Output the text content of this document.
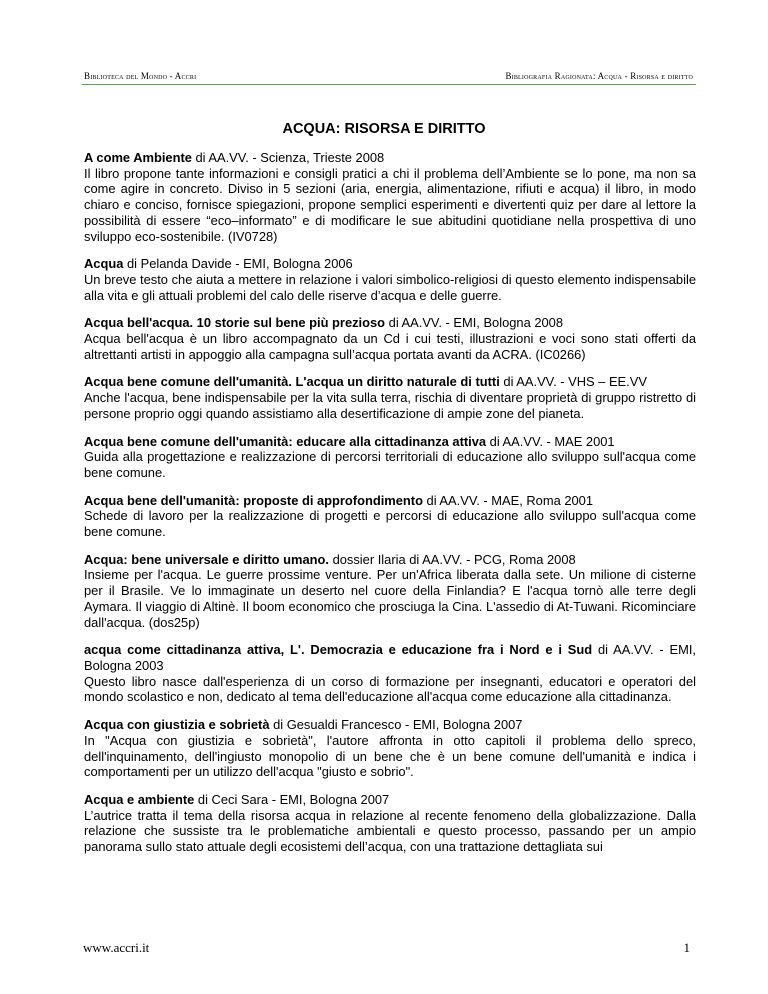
Biblioteca del Mondo - Accri	Bibliografia Ragionata: Acqua - Risorsa e diritto
ACQUA: RISORSA E DIRITTO
A come Ambiente di AA.VV. - Scienza, Trieste 2008
Il libro propone tante informazioni e consigli pratici a chi il problema dell’Ambiente se lo pone, ma non sa come agire in concreto. Diviso in 5 sezioni (aria, energia, alimentazione, rifiuti e acqua) il libro, in modo chiaro e conciso, fornisce spiegazioni, propone semplici esperimenti e divertenti quiz per dare al lettore la possibilità di essere “eco–informato” e di modificare le sue abitudini quotidiane nella prospettiva di uno sviluppo eco-sostenibile. (IV0728)
Acqua di Pelanda Davide - EMI, Bologna 2006
Un breve testo che aiuta a mettere in relazione i valori simbolico-religiosi di questo elemento indispensabile alla vita e gli attuali problemi del calo delle riserve d’acqua e delle guerre.
Acqua bell'acqua. 10 storie sul bene più prezioso di AA.VV. - EMI, Bologna 2008
Acqua bell'acqua è un libro accompagnato da un Cd i cui testi, illustrazioni e voci sono stati offerti da altrettanti artisti in appoggio alla campagna sull’acqua portata avanti da ACRA. (IC0266)
Acqua bene comune dell'umanità. L'acqua un diritto naturale di tutti di AA.VV. - VHS – EE.VV
Anche l'acqua, bene indispensabile per la vita sulla terra, rischia di diventare proprietà di gruppo ristretto di persone proprio oggi quando assistiamo alla desertificazione di ampie zone del pianeta.
Acqua bene comune dell'umanità: educare alla cittadinanza attiva di AA.VV. - MAE 2001
Guida alla progettazione e realizzazione di percorsi territoriali di educazione allo sviluppo sull'acqua come bene comune.
Acqua bene dell'umanità: proposte di approfondimento di AA.VV. - MAE, Roma 2001
Schede di lavoro per la realizzazione di progetti e percorsi di educazione allo sviluppo sull'acqua come bene comune.
Acqua: bene universale e diritto umano. dossier Ilaria di AA.VV. - PCG, Roma 2008
Insieme per l'acqua. Le guerre prossime venture. Per un'Africa liberata dalla sete. Un milione di cisterne per il Brasile. Ve lo immaginate un deserto nel cuore della Finlandia? E l'acqua tornò alle terre degli Aymara. Il viaggio di Altinè. Il boom economico che prosciuga la Cina. L'assedio di At-Tuwani. Ricominciare dall'acqua. (dos25p)
acqua come cittadinanza attiva, L'. Democrazia e educazione fra i Nord e i Sud di AA.VV. - EMI, Bologna 2003
Questo libro nasce dall'esperienza di un corso di formazione per insegnanti, educatori e operatori del mondo scolastico e non, dedicato al tema dell'educazione all'acqua come educazione alla cittadinanza.
Acqua con giustizia e sobrietà di Gesualdi Francesco - EMI, Bologna 2007
In "Acqua con giustizia e sobrietà", l'autore affronta in otto capitoli il problema dello spreco, dell'inquinamento, dell'ingiusto monopolio di un bene che è un bene comune dell'umanità e indica i comportamenti per un utilizzo dell'acqua "giusto e sobrio".
Acqua e ambiente di Ceci Sara - EMI, Bologna 2007
L’autrice tratta il tema della risorsa acqua in relazione al recente fenomeno della globalizzazione. Dalla relazione che sussiste tra le problematiche ambientali e questo processo, passando per un ampio panorama sullo stato attuale degli ecosistemi dell’acqua, con una trattazione dettagliata sui
www.accri.it	1
